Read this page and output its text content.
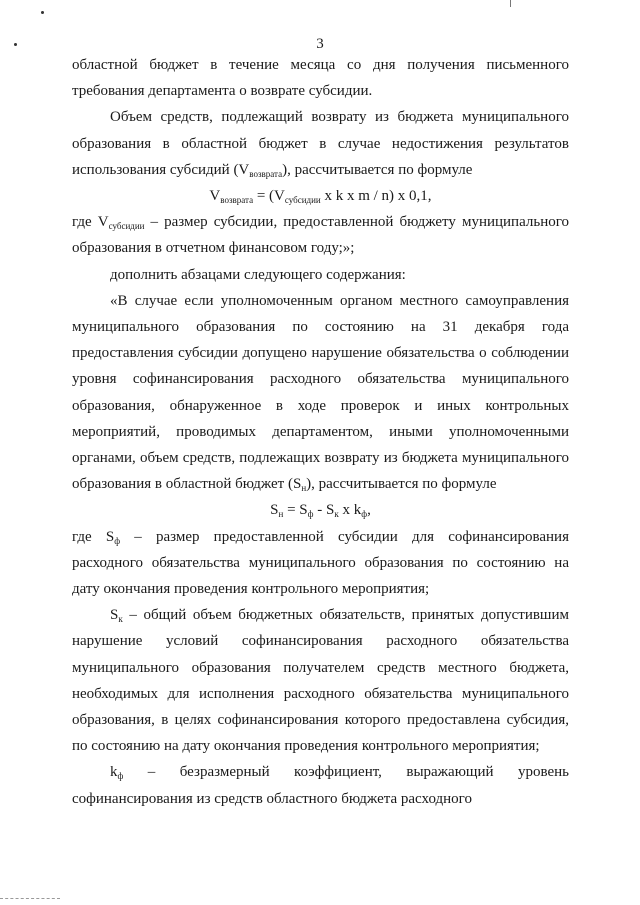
3

областной бюджет в течение месяца со дня получения письменного требования департамента о возврате субсидии.

Объем средств, подлежащий возврату из бюджета муниципального образования в областной бюджет в случае недостижения результатов использования субсидий $(V_{возврата})$, рассчитывается по формуле

$V_{возврата} = (V_{субсидии}$ x k x m / n) x 0,1,

где $V_{субсидии}$ – размер субсидии, предоставленной бюджету муниципального образования в отчетном финансовом году;»;

дополнить абзацами следующего содержания:

«В случае если уполномоченным органом местного самоуправления муниципального образования по состоянию на 31 декабря года предоставления субсидии допущено нарушение обязательства о соблюдении уровня софинансирования расходного обязательства муниципального образования, обнаруженное в ходе проверок и иных контрольных мероприятий, проводимых департаментом, иными уполномоченными органами, объем средств, подлежащих возврату из бюджета муниципального образования в областной бюджет $(S_н)$, рассчитывается по формуле

$S_н = S_ф - S_к$ x $k_ф$,

где $S_ф$ – размер предоставленной субсидии для софинансирования расходного обязательства муниципального образования по состоянию на дату окончания проведения контрольного мероприятия;

$S_к$ – общий объем бюджетных обязательств, принятых допустившим нарушение условий софинансирования расходного обязательства муниципального образования получателем средств местного бюджета, необходимых для исполнения расходного обязательства муниципального образования, в целях софинансирования которого предоставлена субсидия, по состоянию на дату окончания проведения контрольного мероприятия;

$k_ф$ – безразмерный коэффициент, выражающий уровень софинансирования из средств областного бюджета расходного
